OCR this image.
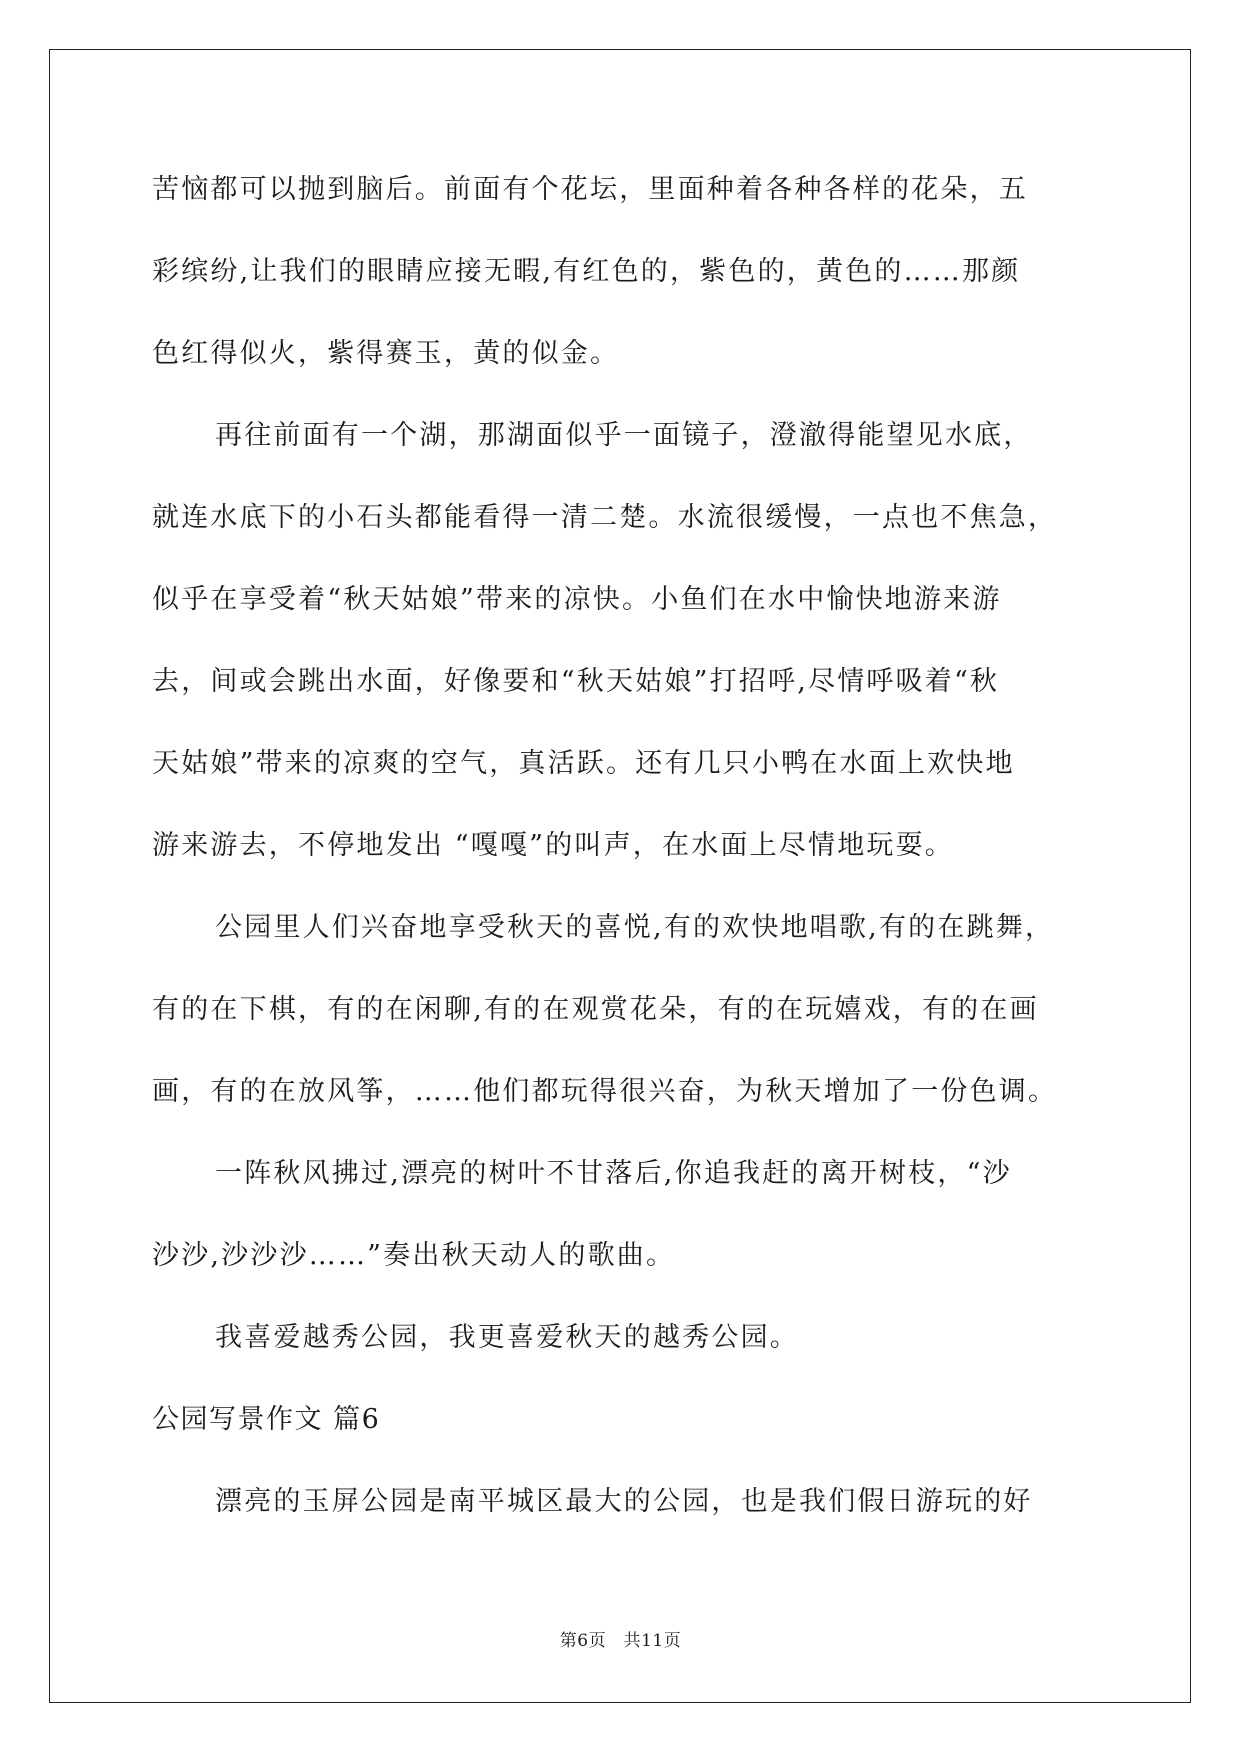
苦恼都可以抛到脑后。前面有个花坛，里面种着各种各样的花朵，五
彩缤纷,让我们的眼睛应接无暇,有红色的，紫色的，黄色的……那颜
色红得似火，紫得赛玉，黄的似金。
再往前面有一个湖，那湖面似乎一面镜子，澄澈得能望见水底，
就连水底下的小石头都能看得一清二楚。水流很缓慢，一点也不焦急，
似乎在享受着“秋天姑娘”带来的凉快。小鱼们在水中愉快地游来游
去，间或会跳出水面，好像要和“秋天姑娘”打招呼,尽情呼吸着“秋
天姑娘”带来的凉爽的空气，真活跃。还有几只小鸭在水面上欢快地
游来游去，不停地发出 “嘎嘎”的叫声，在水面上尽情地玩耍。
公园里人们兴奋地享受秋天的喜悦,有的欢快地唱歌,有的在跳舞，
有的在下棋，有的在闲聊,有的在观赏花朵，有的在玩嬉戏，有的在画
画，有的在放风筝，……他们都玩得很兴奋，为秋天增加了一份色调。
一阵秋风拂过,漂亮的树叶不甘落后,你追我赶的离开树枝，“沙
沙沙,沙沙沙……”奏出秋天动人的歌曲。
我喜爱越秀公园，我更喜爱秋天的越秀公园。
公园写景作文 篇6
漂亮的玉屏公园是南平城区最大的公园，也是我们假日游玩的好
第6页　共11页
